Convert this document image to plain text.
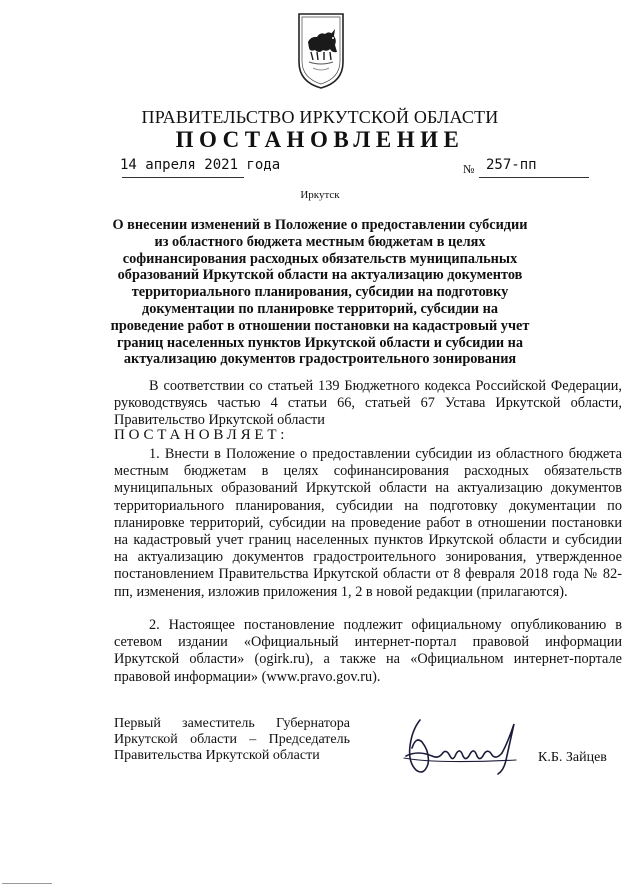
ПРАВИТЕЛЬСТВО ИРКУТСКОЙ ОБЛАСТИ
ПОСТАНОВЛЕНИЕ
14 апреля 2021 года	№ 257-пп
Иркутск
О внесении изменений в Положение о предоставлении субсидии из областного бюджета местным бюджетам в целях софинансирования расходных обязательств муниципальных образований Иркутской области на актуализацию документов территориального планирования, субсидии на подготовку документации по планировке территорий, субсидии на проведение работ в отношении постановки на кадастровый учет границ населенных пунктов Иркутской области и субсидии на актуализацию документов градостроительного зонирования
В соответствии со статьей 139 Бюджетного кодекса Российской Федерации, руководствуясь частью 4 статьи 66, статьей 67 Устава Иркутской области, Правительство Иркутской области
ПОСТАНОВЛЯЕТ:
1. Внести в Положение о предоставлении субсидии из областного бюджета местным бюджетам в целях софинансирования расходных обязательств муниципальных образований Иркутской области на актуализацию документов территориального планирования, субсидии на подготовку документации по планировке территорий, субсидии на проведение работ в отношении постановки на кадастровый учет границ населенных пунктов Иркутской области и субсидии на актуализацию документов градостроительного зонирования, утвержденное постановлением Правительства Иркутской области от 8 февраля 2018 года № 82-пп, изменения, изложив приложения 1, 2 в новой редакции (прилагаются).
2. Настоящее постановление подлежит официальному опубликованию в сетевом издании «Официальный интернет-портал правовой информации Иркутской области» (ogirk.ru), а также на «Официальном интернет-портале правовой информации» (www.pravo.gov.ru).
Первый заместитель Губернатора
Иркутской области – Председатель
Правительства Иркутской области	К.Б. Зайцев
